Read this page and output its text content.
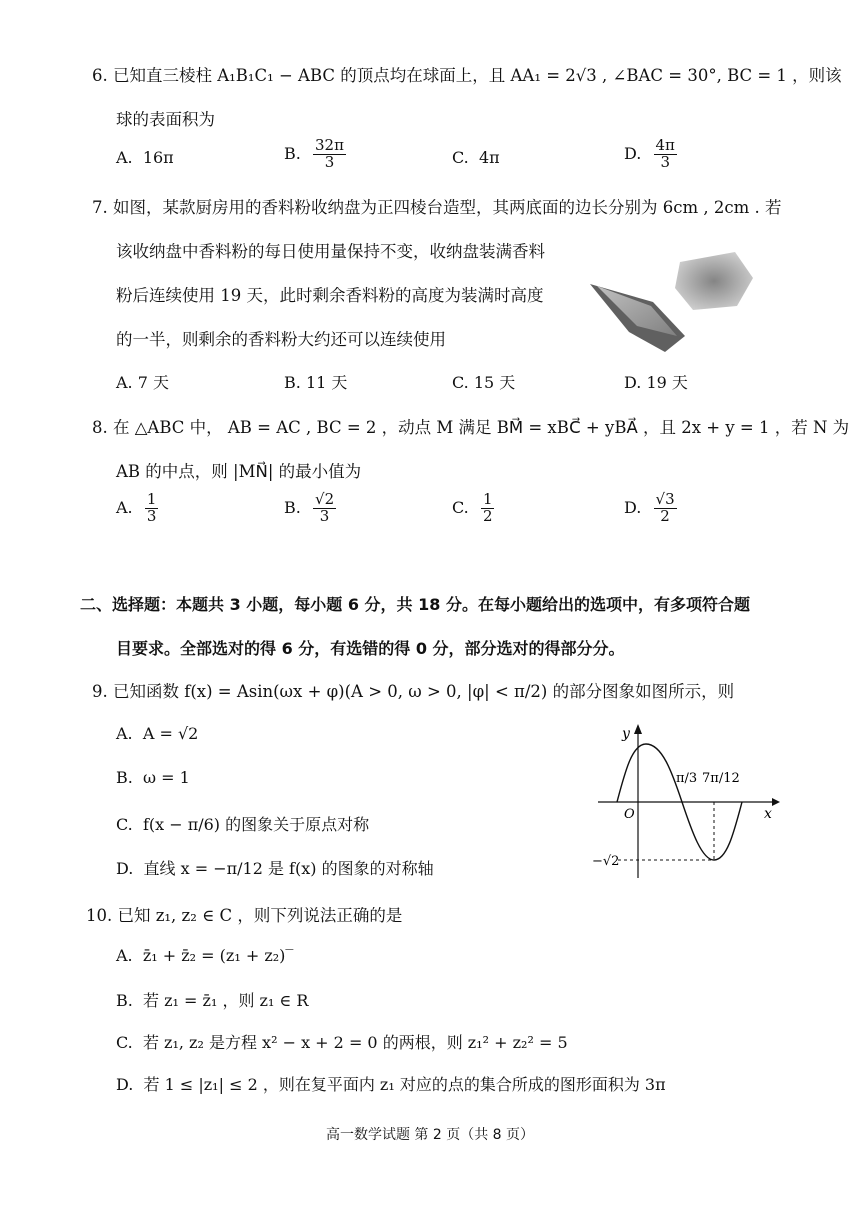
6. 已知直三棱柱 A₁B₁C₁ − ABC 的顶点均在球面上，且 AA₁ = 2√3 , ∠BAC = 30°, BC = 1 ，则该
球的表面积为
A. 16π	B. $\frac{32\pi}{3}$	C. 4π	D. $\frac{4\pi}{3}$
7. 如图，某款厨房用的香料粉收纳盘为正四棱台造型，其两底面的边长分别为 6cm , 2cm . 若
该收纳盘中香料粉的每日使用量保持不变，收纳盘装满香料
粉后连续使用 19 天，此时剩余香料粉的高度为装满时高度
的一半，则剩余的香料粉大约还可以连续使用
A. 7 天	B. 11 天	C. 15 天	D. 19 天
8. 在 △ABC 中， AB = AC , BC = 2 ，动点 M 满足 BM⃗ = xBC⃗ + yBA⃗ ，且 2x + y = 1 ，若 N 为
AB 的中点，则 |MN⃗| 的最小值为
A. $\frac{1}{3}$	B. $\frac{√2}{3}$	C. $\frac{1}{2}$	D. $\frac{√3}{2}$
二、选择题：本题共 3 小题，每小题 6 分，共 18 分。在每小题给出的选项中，有多项符合题
目要求。全部选对的得 6 分，有选错的得 0 分，部分选对的得部分分。
9. 已知函数 f(x) = Asin(ωx + φ)(A > 0, ω > 0, |φ| < π/2) 的部分图象如图所示，则
A. A = √2
B. ω = 1
C. f(x − π/6) 的图象关于原点对称
D. 直线 x = −π/12 是 f(x) 的图象的对称轴
y
x
O
π/3 7π/12
−√2
10. 已知 z₁, z₂ ∈ C ，则下列说法正确的是
A. z̄₁ + z̄₂ = (z₁ + z₂)‾
B. 若 z₁ = z̄₁ ，则 z₁ ∈ R
C. 若 z₁, z₂ 是方程 x² − x + 2 = 0 的两根，则 z₁² + z₂² = 5
D. 若 1 ≤ |z₁| ≤ 2 ，则在复平面内 z₁ 对应的点的集合所成的图形面积为 3π
高一数学试题 第 2 页（共 8 页）
